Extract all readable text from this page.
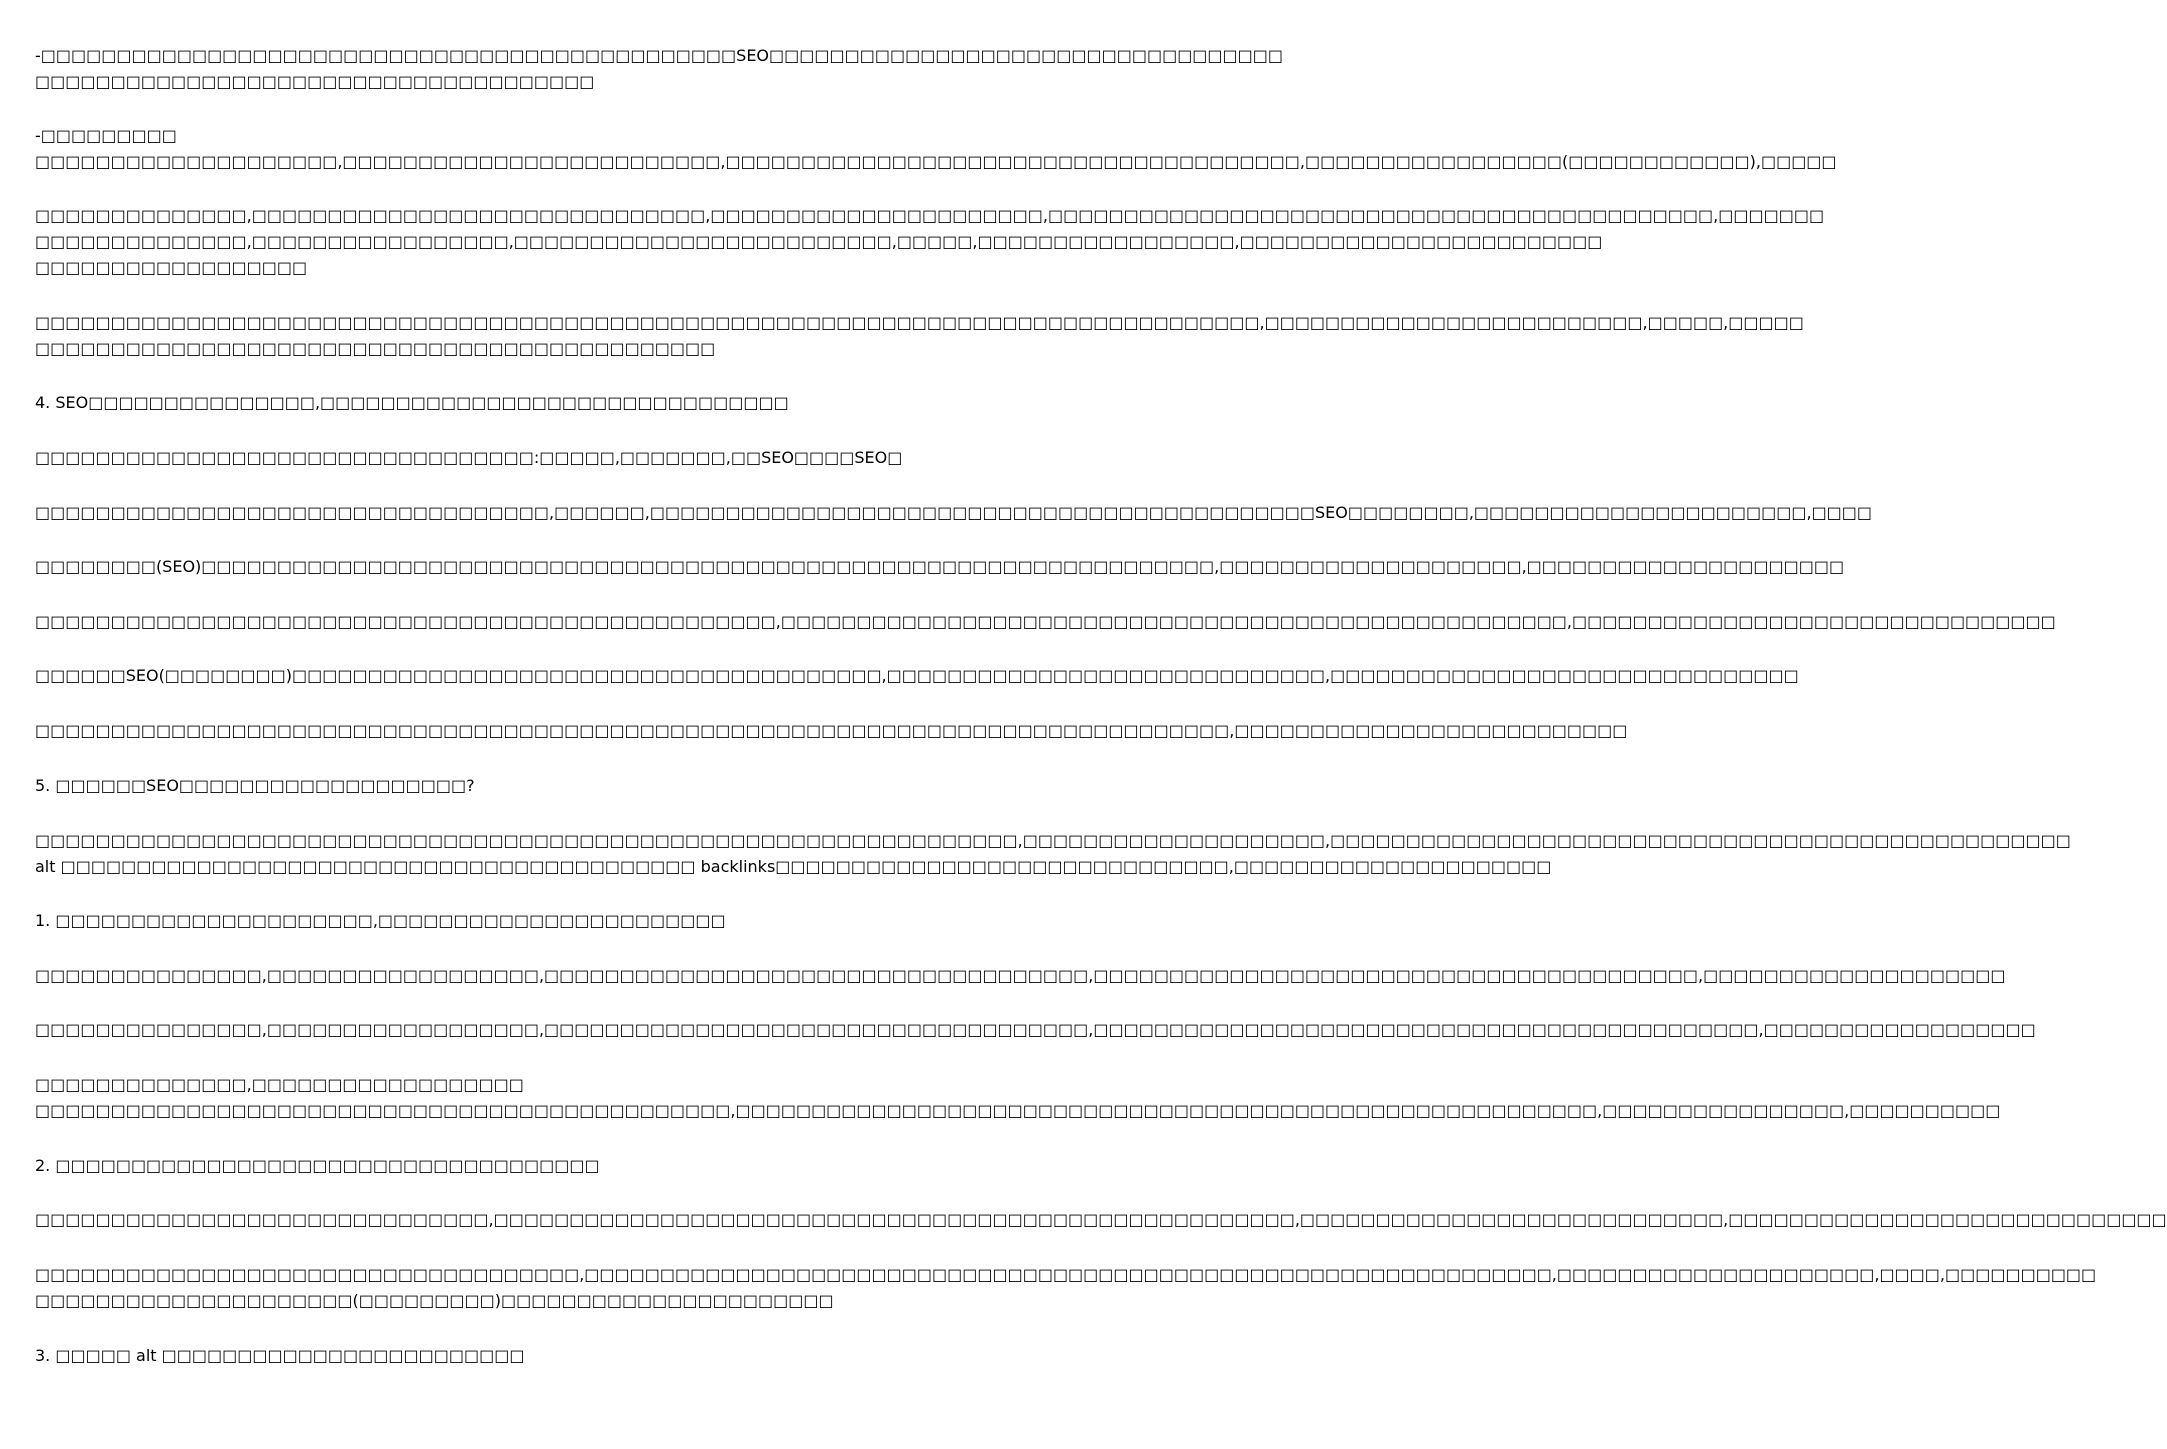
-□□□□□□□□□□□□□□□□□□□□□□□□□□□□□□□□□□□□□□□□□□□□□□SEO□□□□□□□□□□□□□□□□□□□□□□□□□□□□□□□□□□
□□□□□□□□□□□□□□□□□□□□□□□□□□□□□□□□□□□□□
-□□□□□□□□□
□□□□□□□□□□□□□□□□□□□□,□□□□□□□□□□□□□□□□□□□□□□□□□,□□□□□□□□□□□□□□□□□□□□□□□□□□□□□□□□□□□□□□,□□□□□□□□□□□□□□□□□(□□□□□□□□□□□□),□□□□□
□□□□□□□□□□□□□□,□□□□□□□□□□□□□□□□□□□□□□□□□□□□□□,□□□□□□□□□□□□□□□□□□□□□□,□□□□□□□□□□□□□□□□□□□□□□□□□□□□□□□□□□□□□□□□□□□□,□□□□□□□
□□□□□□□□□□□□□□,□□□□□□□□□□□□□□□□□,□□□□□□□□□□□□□□□□□□□□□□□□□,□□□□□,□□□□□□□□□□□□□□□□□,□□□□□□□□□□□□□□□□□□□□□□□□
□□□□□□□□□□□□□□□□□□
□□□□□□□□□□□□□□□□□□□□□□□□□□□□□□□□□□□□□□□□□□□□□□□□□□□□□□□□□□□□□□□□□□□□□□□□□□□□□□□□□,□□□□□□□□□□□□□□□□□□□□□□□□□,□□□□□,□□□□□
□□□□□□□□□□□□□□□□□□□□□□□□□□□□□□□□□□□□□□□□□□□□□
4. SEO□□□□□□□□□□□□□□□,□□□□□□□□□□□□□□□□□□□□□□□□□□□□□□□
□□□□□□□□□□□□□□□□□□□□□□□□□□□□□□□□□:□□□□□,□□□□□□□,□□SEO□□□□SEO□
□□□□□□□□□□□□□□□□□□□□□□□□□□□□□□□□□□,□□□□□□,□□□□□□□□□□□□□□□□□□□□□□□□□□□□□□□□□□□□□□□□□□□□SEO□□□□□□□□,□□□□□□□□□□□□□□□□□□□□□□,□□□□
□□□□□□□□(SEO)□□□□□□□□□□□□□□□□□□□□□□□□□□□□□□□□□□□□□□□□□□□□□□□□□□□□□□□□□□□□□□□□□□□,□□□□□□□□□□□□□□□□□□□□,□□□□□□□□□□□□□□□□□□□□□
□□□□□□□□□□□□□□□□□□□□□□□□□□□□□□□□□□□□□□□□□□□□□□□□□,□□□□□□□□□□□□□□□□□□□□□□□□□□□□□□□□□□□□□□□□□□□□□□□□□□□□,□□□□□□□□□□□□□□□□□□□□□□□□□□□□□□□□
□□□□□□SEO(□□□□□□□□)□□□□□□□□□□□□□□□□□□□□□□□□□□□□□□□□□□□□□□□,□□□□□□□□□□□□□□□□□□□□□□□□□□□□□,□□□□□□□□□□□□□□□□□□□□□□□□□□□□□□□
□□□□□□□□□□□□□□□□□□□□□□□□□□□□□□□□□□□□□□□□□□□□□□□□□□□□□□□□□□□□□□□□□□□□□□□□□□□□□□□,□□□□□□□□□□□□□□□□□□□□□□□□□□
5. □□□□□□SEO□□□□□□□□□□□□□□□□□□□?
□□□□□□□□□□□□□□□□□□□□□□□□□□□□□□□□□□□□□□□□□□□□□□□□□□□□□□□□□□□□□□□□□,□□□□□□□□□□□□□□□□□□□□,□□□□□□□□□□□□□□□□□□□□□□□□□□□□□□□□□□□□□□□□□□□□□□□□□
alt □□□□□□□□□□□□□□□□□□□□□□□□□□□□□□□□□□□□□□□□□□ backlinks□□□□□□□□□□□□□□□□□□□□□□□□□□□□□□,□□□□□□□□□□□□□□□□□□□□□
1. □□□□□□□□□□□□□□□□□□□□□,□□□□□□□□□□□□□□□□□□□□□□□
□□□□□□□□□□□□□□□,□□□□□□□□□□□□□□□□□□,□□□□□□□□□□□□□□□□□□□□□□□□□□□□□□□□□□□□,□□□□□□□□□□□□□□□□□□□□□□□□□□□□□□□□□□□□□□□□,□□□□□□□□□□□□□□□□□□□□
□□□□□□□□□□□□□□□,□□□□□□□□□□□□□□□□□□,□□□□□□□□□□□□□□□□□□□□□□□□□□□□□□□□□□□□,□□□□□□□□□□□□□□□□□□□□□□□□□□□□□□□□□□□□□□□□□□□□,□□□□□□□□□□□□□□□□□□
□□□□□□□□□□□□□□,□□□□□□□□□□□□□□□□□□
□□□□□□□□□□□□□□□□□□□□□□□□□□□□□□□□□□□□□□□□□□□□□□,□□□□□□□□□□□□□□□□□□□□□□□□□□□□□□□□□□□□□□□□□□□□□□□□□□□□□□□□□,□□□□□□□□□□□□□□□□,□□□□□□□□□□
2. □□□□□□□□□□□□□□□□□□□□□□□□□□□□□□□□□□□□
□□□□□□□□□□□□□□□□□□□□□□□□□□□□□□,□□□□□□□□□□□□□□□□□□□□□□□□□□□□□□□□□□□□□□□□□□□□□□□□□□□□□,□□□□□□□□□□□□□□□□□□□□□□□□□□□□,□□□□□□□□□□□□□□□□□□□□□□□□□□□□□
□□□□□□□□□□□□□□□□□□□□□□□□□□□□□□□□□□□□,□□□□□□□□□□□□□□□□□□□□□□□□□□□□□□□□□□□□□□□□□□□□□□□□□□□□□□□□□□□□□□□□,□□□□□□□□□□□□□□□□□□□□□,□□□□,□□□□□□□□□□
□□□□□□□□□□□□□□□□□□□□□(□□□□□□□□□)□□□□□□□□□□□□□□□□□□□□□□
3. □□□□□ alt □□□□□□□□□□□□□□□□□□□□□□□□
